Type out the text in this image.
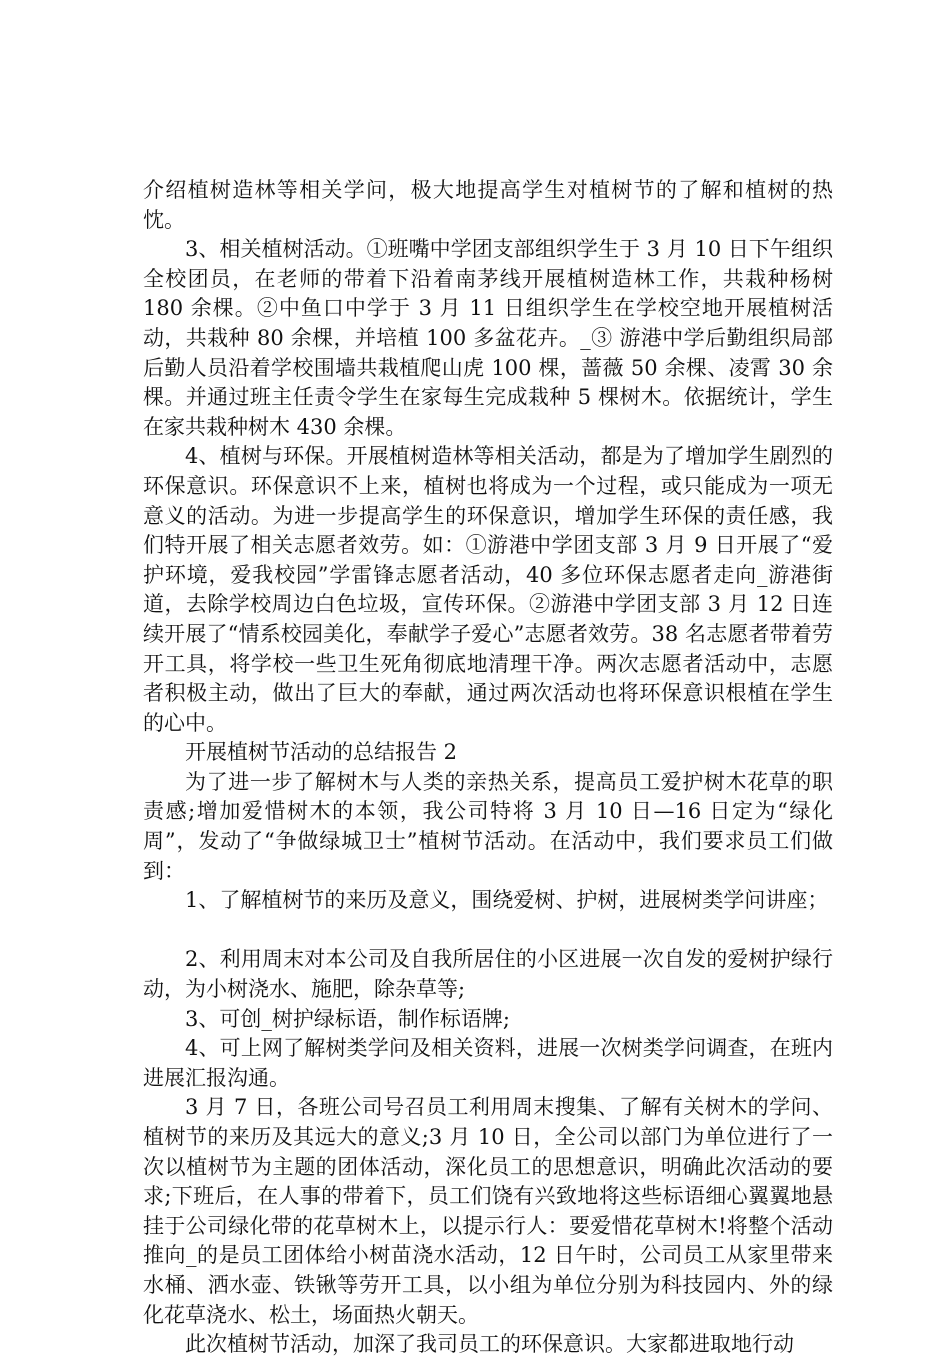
介绍植树造林等相关学问，极大地提高学生对植树节的了解和植树的热忱。

3、相关植树活动。①班嘴中学团支部组织学生于 3 月 10 日下午组织全校团员，在老师的带着下沿着南茅线开展植树造林工作，共栽种杨树 180 余棵。②中鱼口中学于 3 月 11 日组织学生在学校空地开展植树活动，共栽种 80 余棵，并培植 100 多盆花卉。_③ 游港中学后勤组织局部后勤人员沿着学校围墙共栽植爬山虎 100 棵，蔷薇 50 余棵、凌霄 30 余棵。并通过班主任责令学生在家每生完成栽种 5 棵树木。依据统计，学生在家共栽种树木 430 余棵。

4、植树与环保。开展植树造林等相关活动，都是为了增加学生剧烈的环保意识。环保意识不上来，植树也将成为一个过程，或只能成为一项无意义的活动。为进一步提高学生的环保意识，增加学生环保的责任感，我们特开展了相关志愿者效劳。如：①游港中学团支部 3 月 9 日开展了“爱护环境，爱我校园”学雷锋志愿者活动，40 多位环保志愿者走向_游港街道，去除学校周边白色垃圾，宣传环保。②游港中学团支部 3 月 12 日连续开展了“情系校园美化，奉献学子爱心”志愿者效劳。38 名志愿者带着劳开工具，将学校一些卫生死角彻底地清理干净。两次志愿者活动中，志愿者积极主动，做出了巨大的奉献，通过两次活动也将环保意识根植在学生的心中。

开展植树节活动的总结报告 2

为了进一步了解树木与人类的亲热关系，提高员工爱护树木花草的职责感;增加爱惜树木的本领，我公司特将 3 月 10 日—16 日定为“绿化周”，发动了“争做绿城卫士”植树节活动。在活动中，我们要求员工们做到：

1、了解植树节的来历及意义，围绕爱树、护树，进展树类学问讲座；

2、利用周末对本公司及自我所居住的小区进展一次自发的爱树护绿行动，为小树浇水、施肥，除杂草等;

3、可创_树护绿标语，制作标语牌;

4、可上网了解树类学问及相关资料，进展一次树类学问调查，在班内进展汇报沟通。

3 月 7 日，各班公司号召员工利用周末搜集、了解有关树木的学问、植树节的来历及其远大的意义;3 月 10 日，全公司以部门为单位进行了一次以植树节为主题的团体活动，深化员工的思想意识，明确此次活动的要求;下班后，在人事的带着下，员工们饶有兴致地将这些标语细心翼翼地悬挂于公司绿化带的花草树木上，以提示行人：要爱惜花草树木!将整个活动推向_的是员工团体给小树苗浇水活动，12 日午时，公司员工从家里带来水桶、洒水壶、铁锹等劳开工具，以小组为单位分别为科技园内、外的绿化花草浇水、松土，场面热火朝天。

此次植树节活动，加深了我司员工的环保意识。大家都进取地行动
